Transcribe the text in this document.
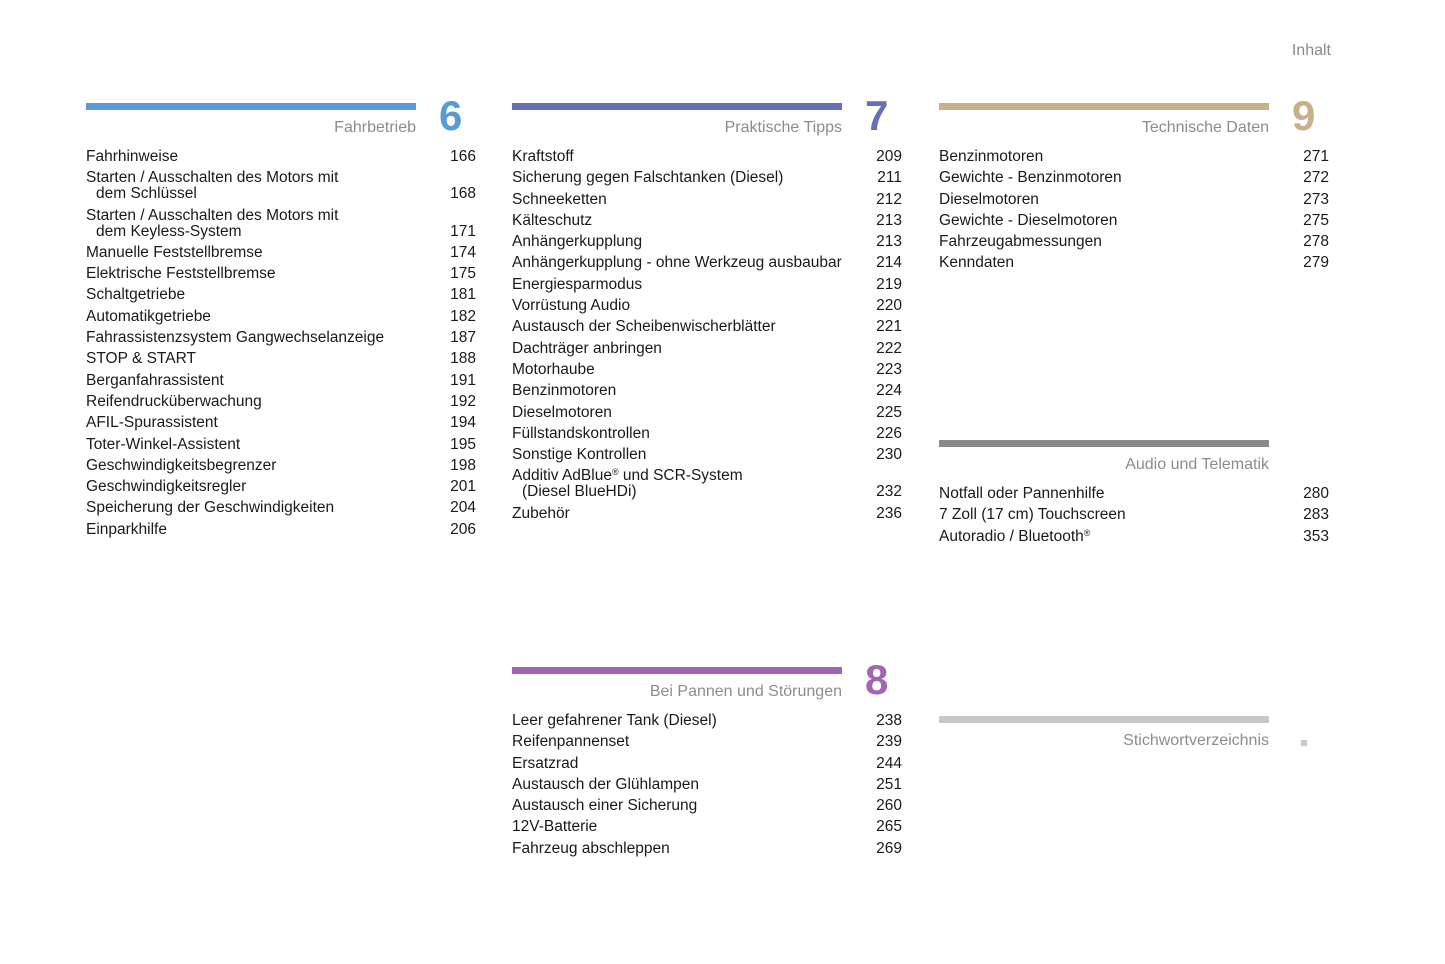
Inhalt
Fahrbetrieb 6
Fahrhinweise	166
Starten / Ausschalten des Motors mit
dem Schlüssel	168
Starten / Ausschalten des Motors mit
dem Keyless-System	171
Manuelle Feststellbremse	174
Elektrische Feststellbremse	175
Schaltgetriebe	181
Automatikgetriebe	182
Fahrassistenzsystem Gangwechselanzeige	187
STOP & START	188
Berganfahrassistent	191
Reifendrucküberwachung	192
AFIL-Spurassistent	194
Toter-Winkel-Assistent	195
Geschwindigkeitsbegrenzer	198
Geschwindigkeitsregler	201
Speicherung der Geschwindigkeiten	204
Einparkhilfe	206
Praktische Tipps 7
Kraftstoff	209
Sicherung gegen Falschtanken (Diesel)	211
Schneeketten	212
Kälteschutz	213
Anhängerkupplung	213
Anhängerkupplung - ohne Werkzeug ausbaubar 214
Energiesparmodus	219
Vorrüstung Audio	220
Austausch der Scheibenwischerblätter	221
Dachträger anbringen	222
Motorhaube	223
Benzinmotoren	224
Dieselmotoren	225
Füllstandskontrollen	226
Sonstige Kontrollen	230
Additiv AdBlue® und SCR-System
(Diesel BlueHDi)	232
Zubehör	236
Bei Pannen und Störungen 8
Leer gefahrener Tank (Diesel)	238
Reifenpannenset	239
Ersatzrad	244
Austausch der Glühlampen	251
Austausch einer Sicherung	260
12V-Batterie	265
Fahrzeug abschleppen	269
Technische Daten 9
Benzinmotoren	271
Gewichte - Benzinmotoren	272
Dieselmotoren	273
Gewichte - Dieselmotoren	275
Fahrzeugabmessungen	278
Kenndaten	279
Audio und Telematik
Notfall oder Pannenhilfe	280
7 Zoll (17 cm) Touchscreen	283
Autoradio / Bluetooth®	353
Stichwortverzeichnis
